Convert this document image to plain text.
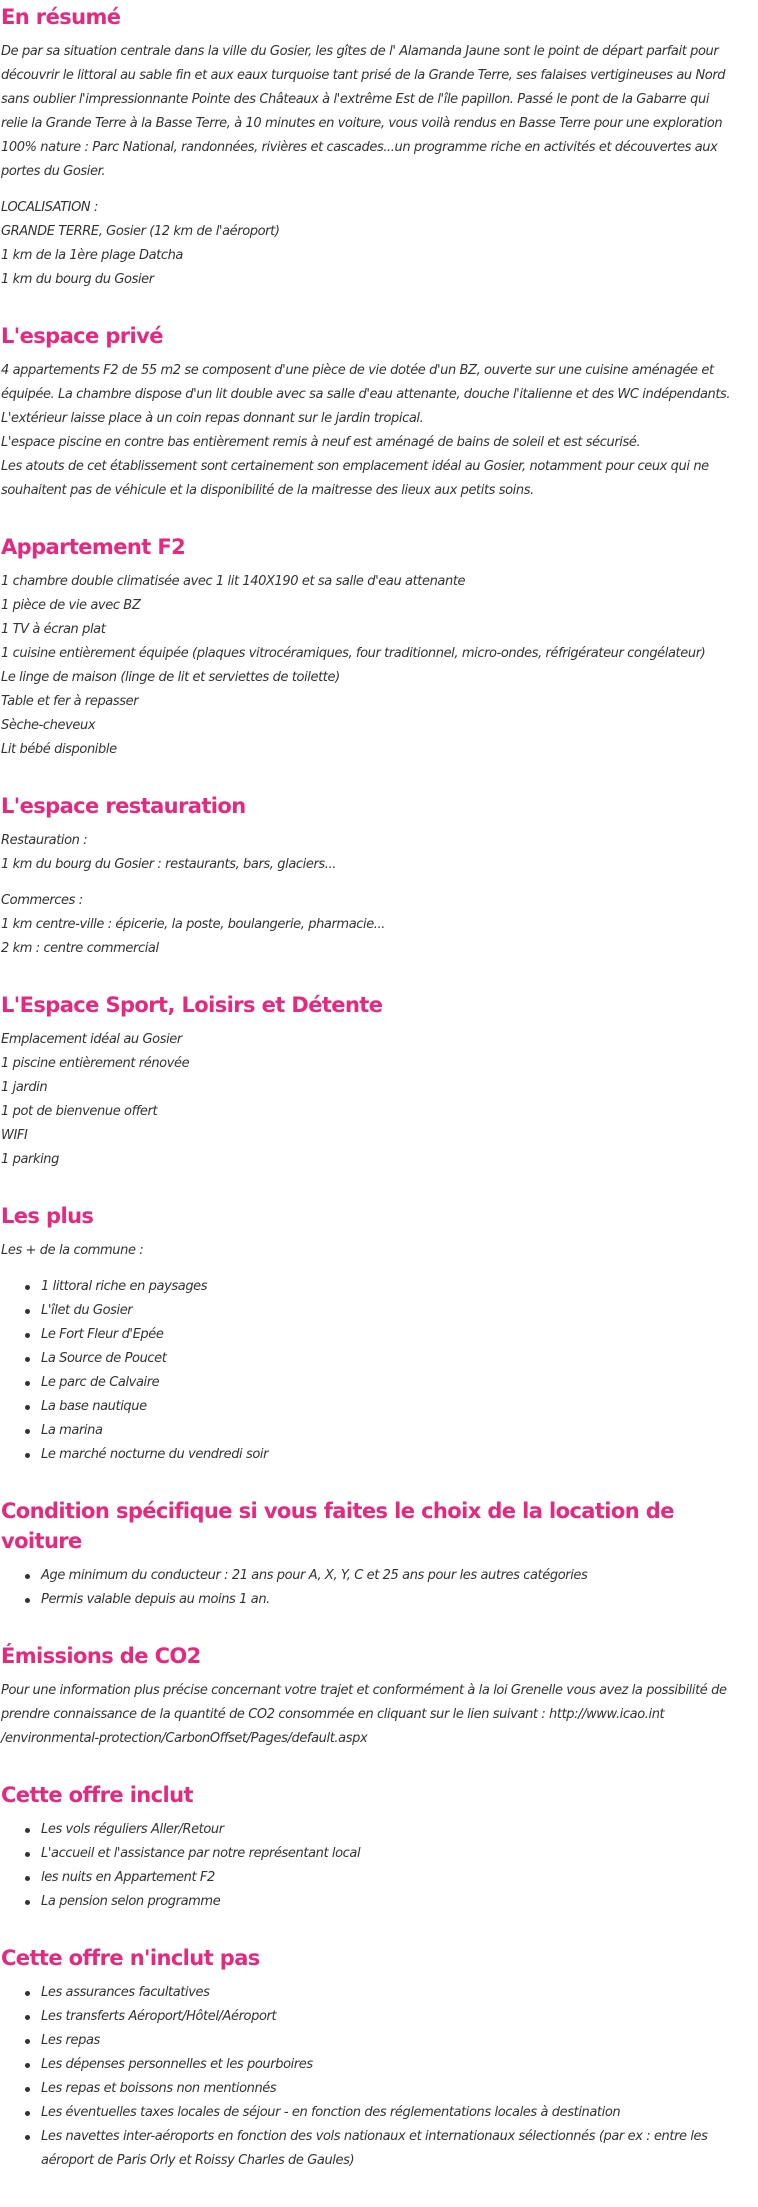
En résumé

De par sa situation centrale dans la ville du Gosier, les gîtes de l' Alamanda Jaune sont le point de départ parfait pour découvrir le littoral au sable fin et aux eaux turquoise tant prisé de la Grande Terre, ses falaises vertigineuses au Nord sans oublier l'impressionnante Pointe des Châteaux à l'extrême Est de l'île papillon. Passé le pont de la Gabarre qui relie la Grande Terre à la Basse Terre, à 10 minutes en voiture, vous voilà rendus en Basse Terre pour une exploration 100% nature : Parc National, randonnées, rivières et cascades...un programme riche en activités et découvertes aux portes du Gosier.

LOCALISATION :

GRANDE TERRE, Gosier (12 km de l'aéroport)

1 km de la 1ère plage Datcha

1 km du bourg du Gosier

L'espace privé

4 appartements F2 de 55 m2 se composent d'une pièce de vie dotée d'un BZ, ouverte sur une cuisine aménagée et équipée. La chambre dispose d'un lit double avec sa salle d'eau attenante, douche l'italienne et des WC indépendants.

L'extérieur laisse place à un coin repas donnant sur le jardin tropical.

L'espace piscine en contre bas entièrement remis à neuf est aménagé de bains de soleil et est sécurisé.

Les atouts de cet établissement sont certainement son emplacement idéal au Gosier, notamment pour ceux qui ne souhaitent pas de véhicule et la disponibilité de la maitresse des lieux aux petits soins.

Appartement F2

1 chambre double climatisée avec 1 lit 140X190 et sa salle d'eau attenante

1 pièce de vie avec BZ

1 TV à écran plat

1 cuisine entièrement équipée (plaques vitrocéramiques, four traditionnel, micro-ondes, réfrigérateur congélateur)

Le linge de maison (linge de lit et serviettes de toilette)

Table et fer à repasser

Sèche-cheveux

Lit bébé disponible

L'espace restauration

Restauration :

1 km du bourg du Gosier : restaurants, bars, glaciers...

Commerces :

1 km centre-ville : épicerie, la poste, boulangerie, pharmacie...

2 km : centre commercial

L'Espace Sport, Loisirs et Détente

Emplacement idéal au Gosier

1 piscine entièrement rénovée

1 jardin

1 pot de bienvenue offert

WIFI

1 parking

Les plus

Les + de la commune :

1 littoral riche en paysages
L'îlet du Gosier
Le Fort Fleur d'Epée
La Source de Poucet
Le parc de Calvaire
La base nautique
La marina
Le marché nocturne du vendredi soir
Condition spécifique si vous faites le choix de la location de voiture
Age minimum du conducteur : 21 ans pour A, X, Y, C et 25 ans pour les autres catégories
Permis valable depuis au moins 1 an.
Émissions de CO2

Pour une information plus précise concernant votre trajet et conformément à la loi Grenelle vous avez la possibilité de prendre connaissance de la quantité de CO2 consommée en cliquant sur le lien suivant : http://www.icao.int /environmental-protection/CarbonOffset/Pages/default.aspx

Cette offre inclut
Les vols réguliers Aller/Retour
L'accueil et l'assistance par notre représentant local
les nuits en Appartement F2
La pension selon programme
Cette offre n'inclut pas
Les assurances facultatives
Les transferts Aéroport/Hôtel/Aéroport
Les repas
Les dépenses personnelles et les pourboires
Les repas et boissons non mentionnés
Les éventuelles taxes locales de séjour - en fonction des réglementations locales à destination
Les navettes inter-aéroports en fonction des vols nationaux et internationaux sélectionnés (par ex : entre les aéroport de Paris Orly et Roissy Charles de Gaules)
